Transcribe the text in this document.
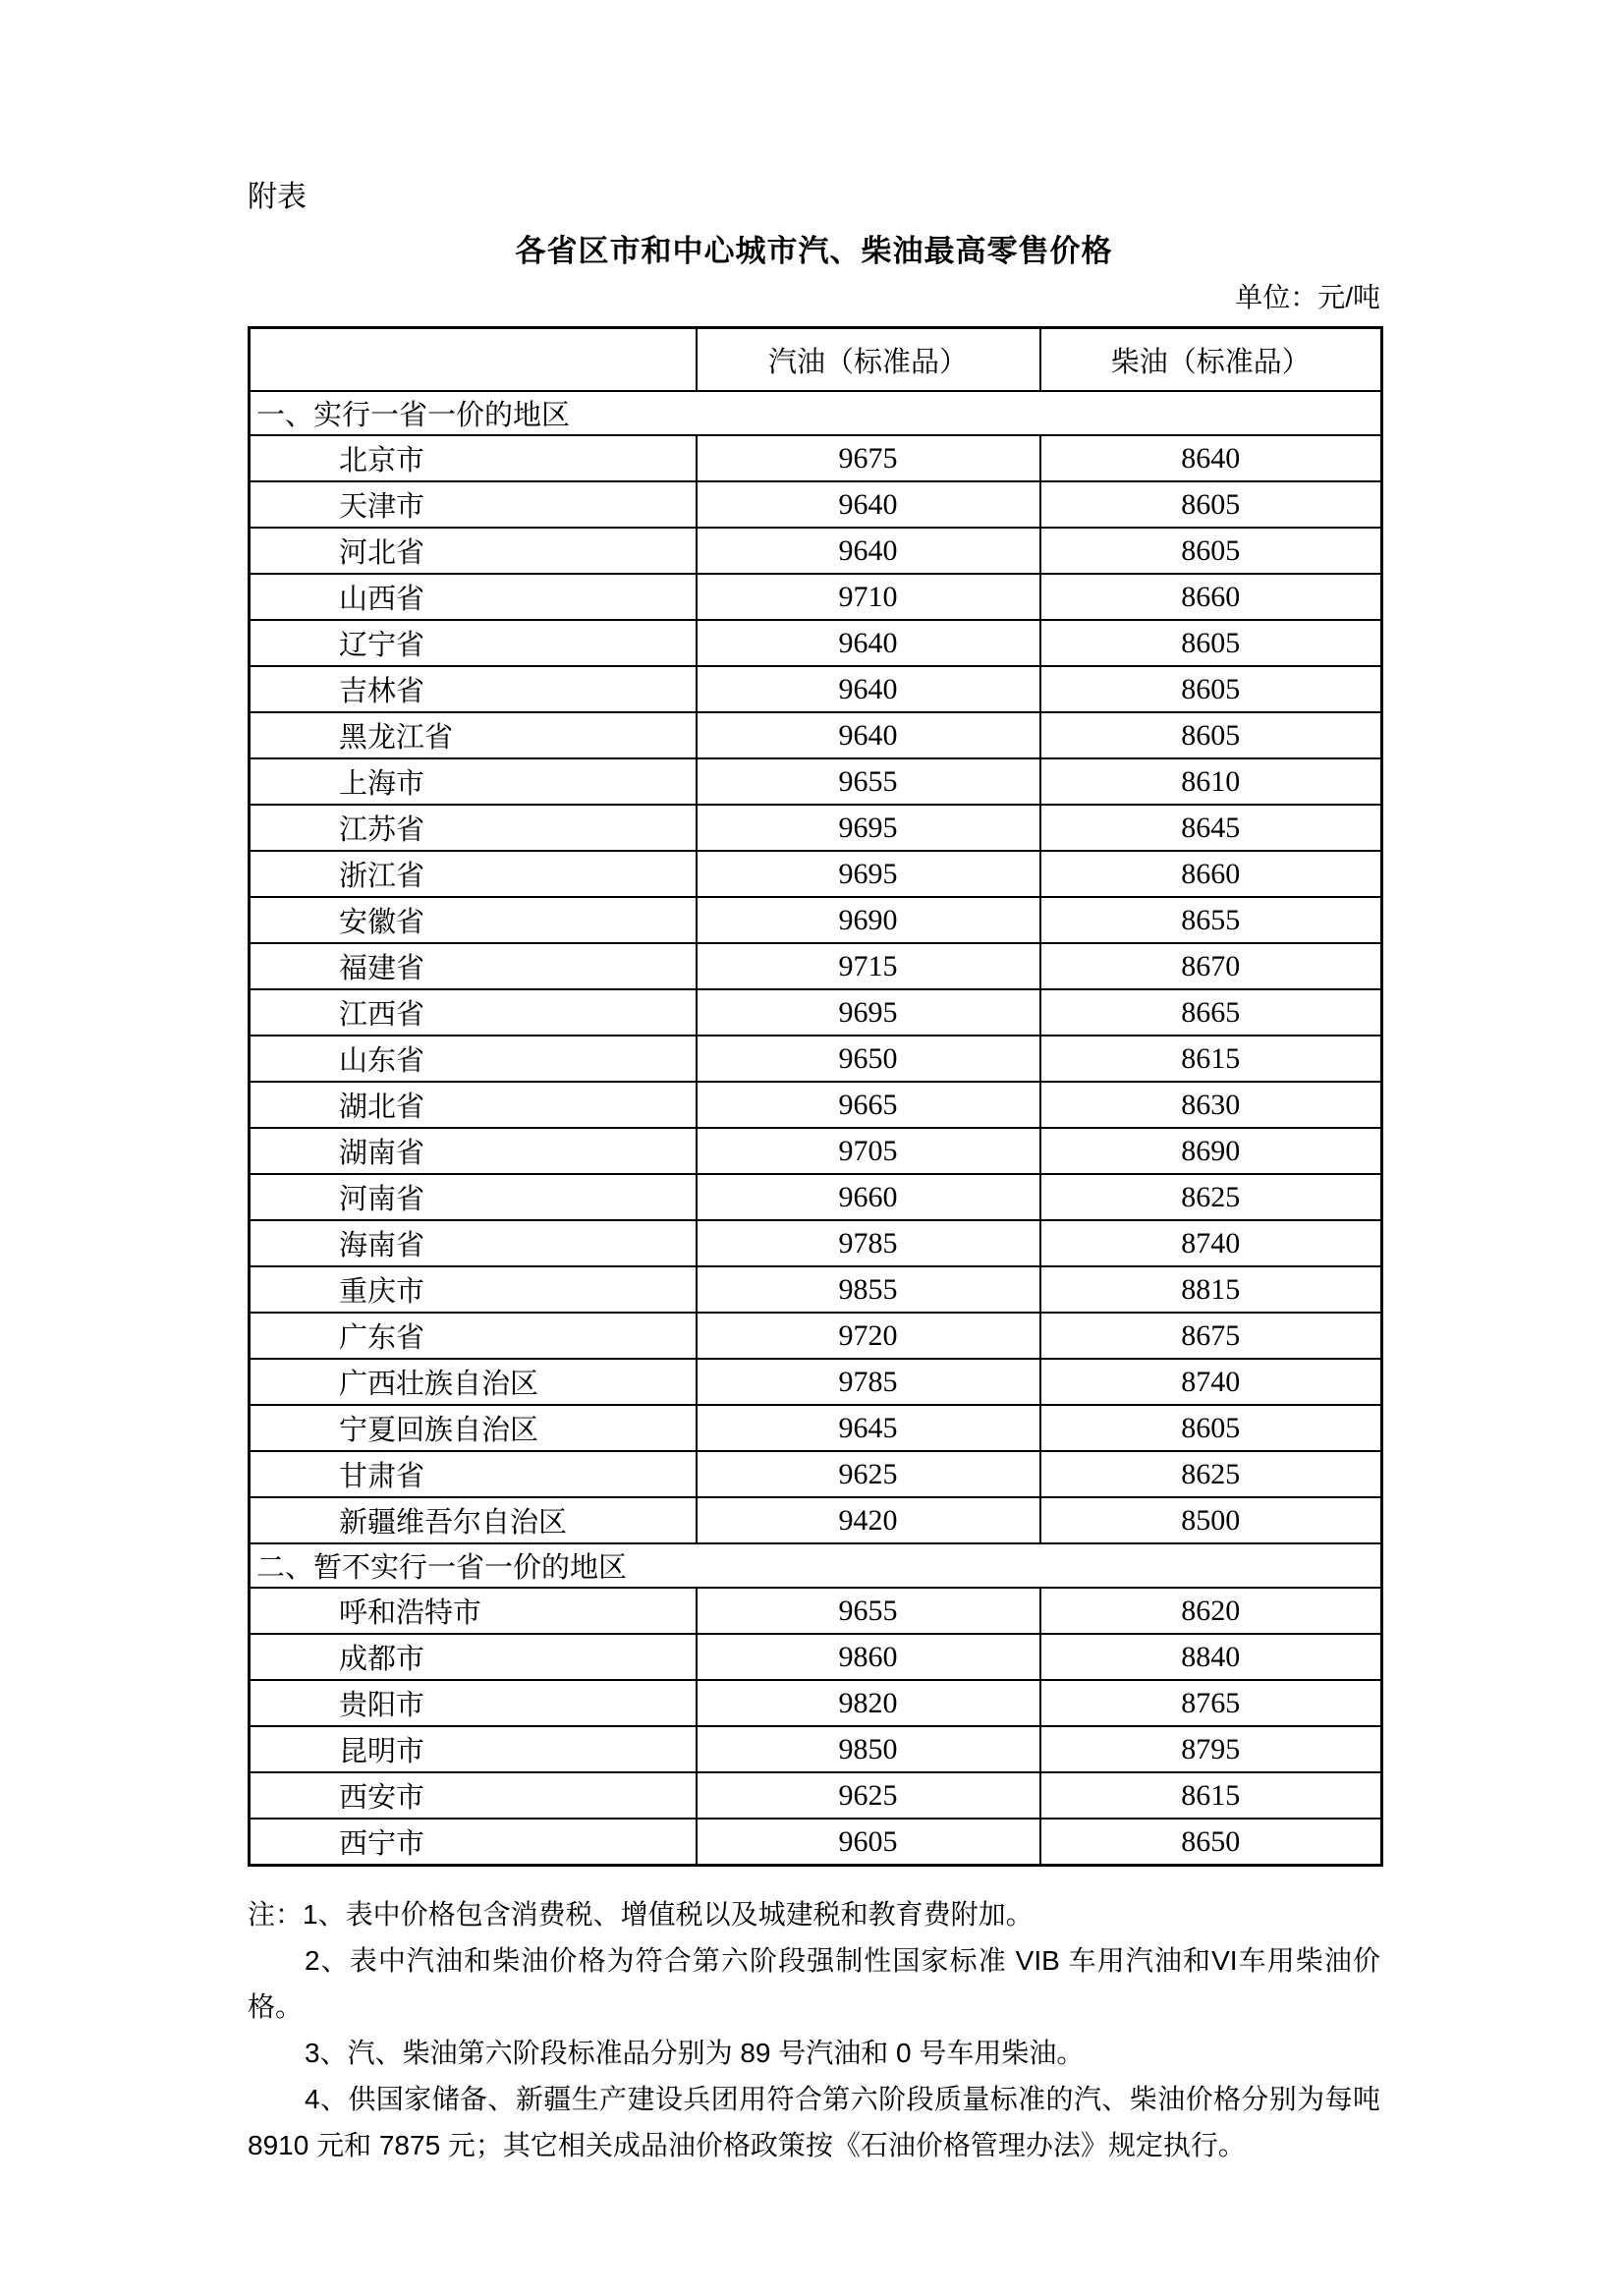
附表
各省区市和中心城市汽、柴油最高零售价格
单位：元/吨
	汽油（标准品）	柴油（标准品）
一、实行一省一价的地区		
北京市	9675	8640
天津市	9640	8605
河北省	9640	8605
山西省	9710	8660
辽宁省	9640	8605
吉林省	9640	8605
黑龙江省	9640	8605
上海市	9655	8610
江苏省	9695	8645
浙江省	9695	8660
安徽省	9690	8655
福建省	9715	8670
江西省	9695	8665
山东省	9650	8615
湖北省	9665	8630
湖南省	9705	8690
河南省	9660	8625
海南省	9785	8740
重庆市	9855	8815
广东省	9720	8675
广西壮族自治区	9785	8740
宁夏回族自治区	9645	8605
甘肃省	9625	8625
新疆维吾尔自治区	9420	8500
二、暂不实行一省一价的地区		
呼和浩特市	9655	8620
成都市	9860	8840
贵阳市	9820	8765
昆明市	9850	8795
西安市	9625	8615
西宁市	9605	8650

注：1、表中价格包含消费税、增值税以及城建税和教育费附加。

2、表中汽油和柴油价格为符合第六阶段强制性国家标准 VIB 车用汽油和VI车用柴油价格。

3、汽、柴油第六阶段标准品分别为 89 号汽油和 0 号车用柴油。

4、供国家储备、新疆生产建设兵团用符合第六阶段质量标准的汽、柴油价格分别为每吨 8910 元和 7875 元；其它相关成品油价格政策按《石油价格管理办法》规定执行。
